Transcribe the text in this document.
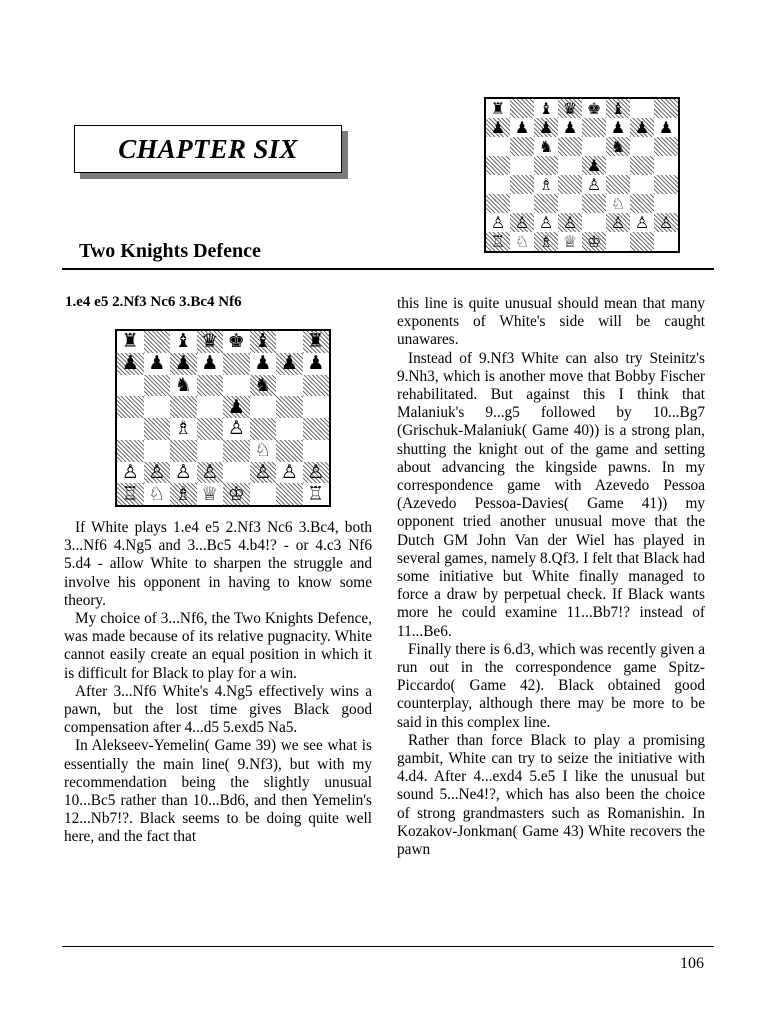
CHAPTER SIX
♜ ♝ ♛ ♚ ♝
♟ ♟ ♟ ♟ ♟ ♟ ♟
♞	♞
♟
♗ ♙
♘
♙ ♙ ♙ ♙ ♙ ♙ ♙
♖ ♘ ♗ ♕ ♔
Two Knights Defence
1.e4 e5 2.Nf3 Nc6 3.Bc4 Nf6
♜ ♝ ♛ ♚ ♝ ♜
♟ ♟ ♟ ♟ ♟ ♟ ♟
♞	♞
♟
♗ ♙
♘
♙ ♙ ♙ ♙ ♙ ♙ ♙
♖ ♘ ♗ ♕ ♔	♖

If White plays 1.e4 e5 2.Nf3 Nc6 3.Bc4, both 3...Nf6 4.Ng5 and 3...Bc5 4.b4!? - or 4.c3 Nf6 5.d4 - allow White to sharpen the struggle and involve his opponent in having to know some theory.

My choice of 3...Nf6, the Two Knights Defence, was made because of its relative pugnacity. White cannot easily create an equal position in which it is difficult for Black to play for a win.

After 3...Nf6 White's 4.Ng5 effectively wins a pawn, but the lost time gives Black good compensation after 4...d5 5.exd5 Na5.

In Alekseev-Yemelin( Game 39) we see what is essentially the main line( 9.Nf3), but with my recommendation being the slightly unusual 10...Bc5 rather than 10...Bd6, and then Yemelin's 12...Nb7!?. Black seems to be doing quite well here, and the fact that

this line is quite unusual should mean that many exponents of White's side will be caught unawares.

Instead of 9.Nf3 White can also try Steinitz's 9.Nh3, which is another move that Bobby Fischer rehabilitated. But against this I think that Malaniuk's 9...g5 followed by 10...Bg7 (Grischuk-Malaniuk( Game 40)) is a strong plan, shutting the knight out of the game and setting about advancing the kingside pawns. In my correspondence game with Azevedo Pessoa (Azevedo Pessoa-Davies( Game 41)) my opponent tried another unusual move that the Dutch GM John Van der Wiel has played in several games, namely 8.Qf3. I felt that Black had some initiative but White finally managed to force a draw by perpetual check. If Black wants more he could examine 11...Bb7!? instead of 11...Be6.

Finally there is 6.d3, which was recently given a run out in the correspondence game Spitz-Piccardo( Game 42). Black obtained good counterplay, although there may be more to be said in this complex line.

Rather than force Black to play a promising gambit, White can try to seize the initiative with 4.d4. After 4...exd4 5.e5 I like the unusual but sound 5...Ne4!?, which has also been the choice of strong grandmasters such as Romanishin. In Kozakov-Jonkman( Game 43) White recovers the pawn

106
